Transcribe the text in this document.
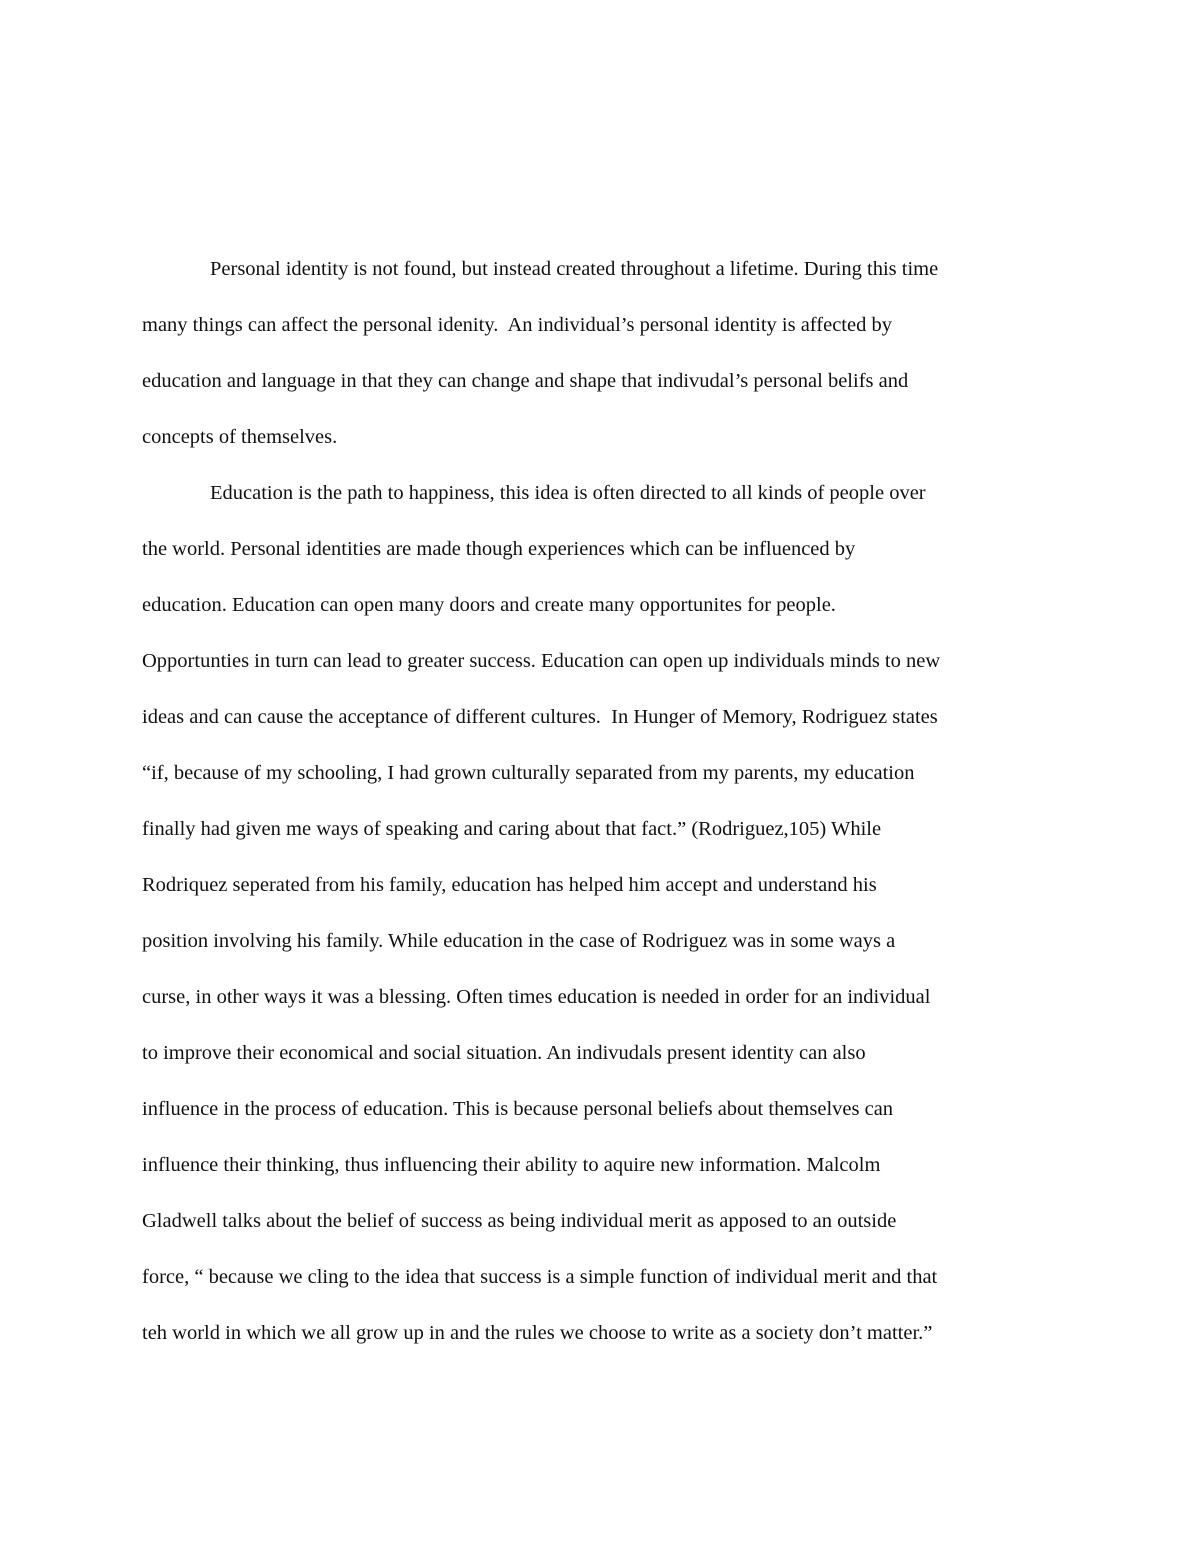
Personal identity is not found, but instead created throughout a lifetime. During this time
many things can affect the personal idenity.  An individual’s personal identity is affected by
education and language in that they can change and shape that indivudal’s personal belifs and
concepts of themselves.
Education is the path to happiness, this idea is often directed to all kinds of people over
the world. Personal identities are made though experiences which can be influenced by
education. Education can open many doors and create many opportunites for people.
Opportunties in turn can lead to greater success. Education can open up individuals minds to new
ideas and can cause the acceptance of different cultures.  In Hunger of Memory, Rodriguez states
“if, because of my schooling, I had grown culturally separated from my parents, my education
finally had given me ways of speaking and caring about that fact.” (Rodriguez,105) While
Rodriquez seperated from his family, education has helped him accept and understand his
position involving his family. While education in the case of Rodriguez was in some ways a
curse, in other ways it was a blessing. Often times education is needed in order for an individual
to improve their economical and social situation. An indivudals present identity can also
influence in the process of education. This is because personal beliefs about themselves can
influence their thinking, thus influencing their ability to aquire new information. Malcolm
Gladwell talks about the belief of success as being individual merit as apposed to an outside
force, “ because we cling to the idea that success is a simple function of individual merit and that
teh world in which we all grow up in and the rules we choose to write as a society don’t matter.”
